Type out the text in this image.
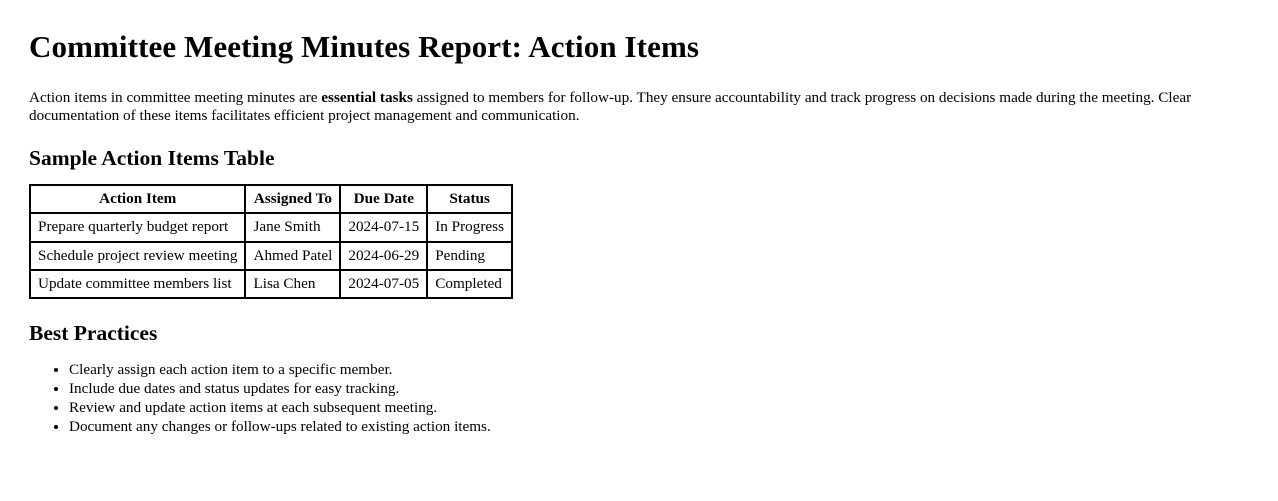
Committee Meeting Minutes Report: Action Items

Action items in committee meeting minutes are essential tasks assigned to members for follow-up. They ensure accountability and track progress on decisions made during the meeting. Clear documentation of these items facilitates efficient project management and communication.

Sample Action Items Table
Action Item	Assigned To	Due Date	Status
Prepare quarterly budget report	Jane Smith	2024-07-15	In Progress
Schedule project review meeting	Ahmed Patel	2024-06-29	Pending
Update committee members list	Lisa Chen	2024-07-05	Completed
Best Practices
• Clearly assign each action item to a specific member.
• Include due dates and status updates for easy tracking.
• Review and update action items at each subsequent meeting.
• Document any changes or follow-ups related to existing action items.
